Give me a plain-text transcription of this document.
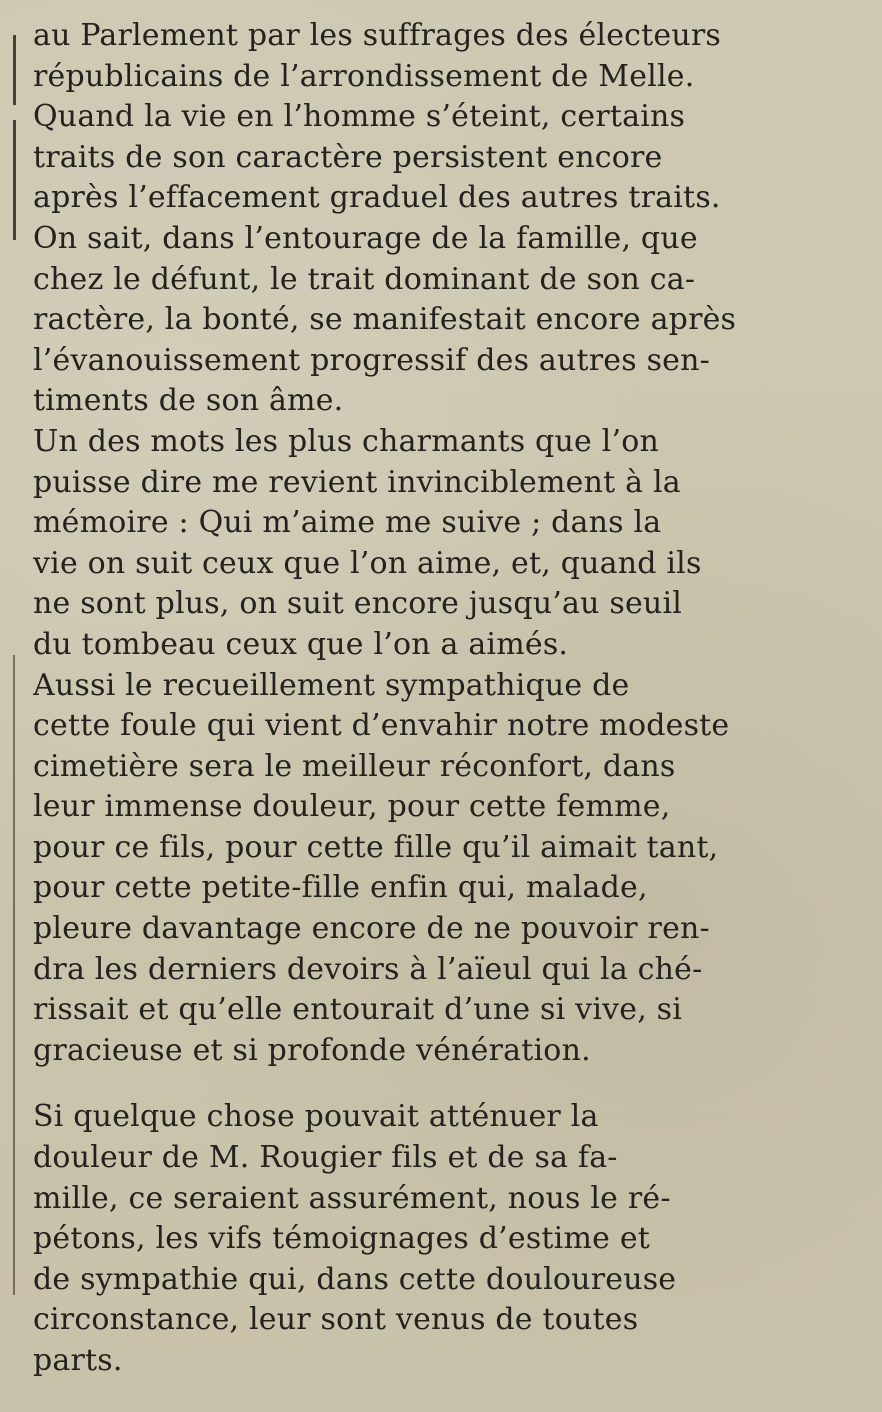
au Parlement par les suffrages des électeurs
républicains de l’arrondissement de Melle.
Quand la vie en l’homme s’éteint, certains
traits de son caractère persistent encore
après l’effacement graduel des autres traits.
On sait, dans l’entourage de la famille, que
chez le défunt, le trait dominant de son ca-
ractère, la bonté, se manifestait encore après
l’évanouissement progressif des autres sen-
timents de son âme.
Un des mots les plus charmants que l’on
puisse dire me revient invinciblement à la
mémoire : Qui m’aime me suive ; dans la
vie on suit ceux que l’on aime, et, quand ils
ne sont plus, on suit encore jusqu’au seuil
du tombeau ceux que l’on a aimés.
Aussi le recueillement sympathique de
cette foule qui vient d’envahir notre modeste
cimetière sera le meilleur réconfort, dans
leur immense douleur, pour cette femme,
pour ce fils, pour cette fille qu’il aimait tant,
pour cette petite-fille enfin qui, malade,
pleure davantage encore de ne pouvoir ren-
dra les derniers devoirs à l’aïeul qui la ché-
rissait et qu’elle entourait d’une si vive, si
gracieuse et si profonde vénération.
Si quelque chose pouvait atténuer la
douleur de M. Rougier fils et de sa fa-
mille, ce seraient assurément, nous le ré-
pétons, les vifs témoignages d’estime et
de sympathie qui, dans cette douloureuse
circonstance, leur sont venus de toutes
parts.
